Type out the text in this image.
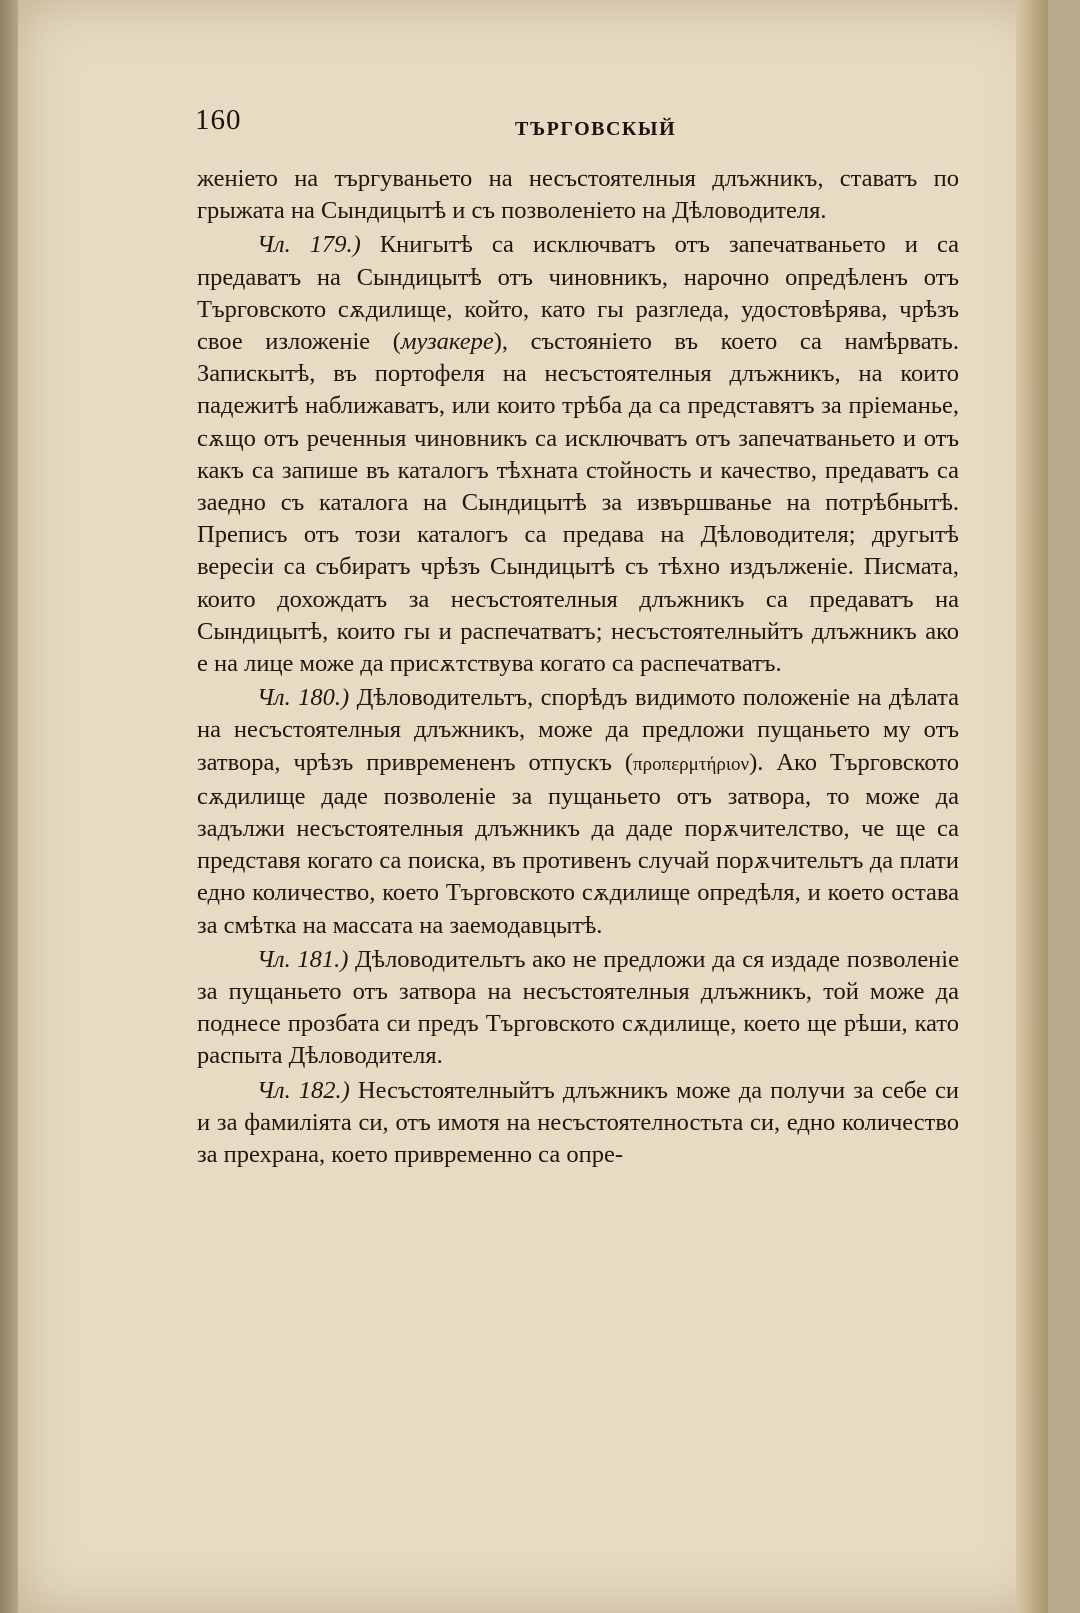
160	ТЪРГОВСКЫЙ

женіето на търгуваньето на несъстоятелныя длъжникъ, ставатъ по грыжата на Сындицытѣ и съ позволеніето на Дѣловодителя.

Чл. 179.) Книгытѣ са исключватъ отъ запечатваньето и са предаватъ на Сындицытѣ отъ чиновникъ, нарочно опредѣленъ отъ Търговското сѫдилище, който, като гы разгледа, удостовѣрява, чрѣзъ свое изложеніе (музакере), състояніето въ което са намѣрвать. Запискытѣ, въ портофеля на несъстоятелныя длъжникъ, на които падежитѣ наближаватъ, или които трѣба да са представятъ за пріеманье, сѫщо отъ реченныя чиновникъ са исключватъ отъ запечатваньето и отъ какъ са запише въ каталогъ тѣхната стойность и качество, предаватъ са заедно съ каталога на Сындицытѣ за извършванье на потрѣбнытѣ. Преписъ отъ този каталогъ са предава на Дѣловодителя; другытѣ вересіи са събиратъ чрѣзъ Сындицытѣ съ тѣхно издълженіе. Писмата, които дохождатъ за несъстоятелныя длъжникъ са предаватъ на Сындицытѣ, които гы и распечатватъ; несъстоятелныйтъ длъжникъ ако е на лице може да присѫтствува когато са распечатватъ.

Чл. 180.) Дѣловодительтъ, спорѣдъ видимото положеніе на дѣлата на несъстоятелныя длъжникъ, може да предложи пущаньето му отъ затвора, чрѣзъ привремененъ отпускъ (προπερμτήριον). Ако Търговското сѫдилище даде позволеніе за пущаньето отъ затвора, то може да задължи несъстоятелныя длъжникъ да даде порѫчителство, че ще са представя когато са поиска, въ противенъ случай порѫчительтъ да плати едно количество, което Търговското сѫдилище опредѣля, и което остава за смѣтка на массата на заемодавцытѣ.

Чл. 181.) Дѣловодительтъ ако не предложи да ся издаде позволеніе за пущаньето отъ затвора на несъстоятелныя длъжникъ, той може да поднесе прозбата си предъ Търговското сѫдилище, което ще рѣши, като распыта Дѣловодителя.

Чл. 182.) Несъстоятелныйтъ длъжникъ може да получи за себе си и за фамиліята си, отъ имотя на несъстоятелностьта си, едно количество за прехрана, което привременно са опре-
